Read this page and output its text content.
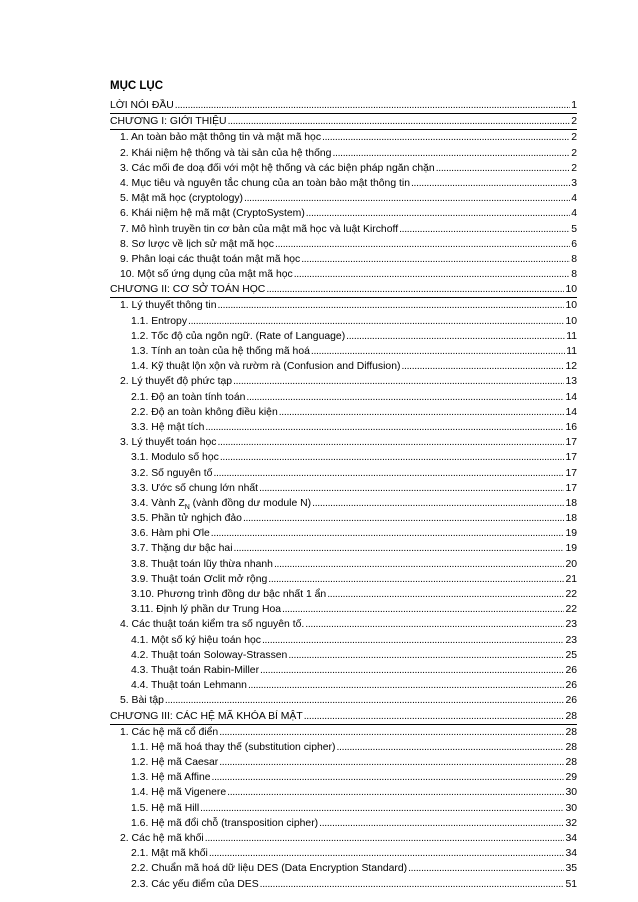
MỤC LỤC
LỜI NÓI ĐẦU . . .	1
CHƯƠNG I: GIỚI THIỆU . . .	2
1. An toàn bảo mật thông tin và mật mã học . . .	2
2. Khái niệm hệ thống và tài sản của hệ thống . . .	2
3. Các mối đe doạ đối với một hệ thống và các biện pháp ngăn chặn . . .	2
4. Mục tiêu và nguyên tắc chung của an toàn bảo mật thông tin . . .	3
5. Mật mã học (cryptology) . . .	4
6. Khái niệm hệ mã mật (CryptoSystem) . . .	4
7. Mô hình truyền tin cơ bản của mật mã học và luật Kirchoff . . .	5
8. Sơ lược về lịch sử mật mã học . . .	6
9. Phân loại các thuật toán mật mã học . . .	8
10. Một số ứng dụng của mật mã học . . .	8
CHƯƠNG II: CƠ SỞ TOÁN HỌC . . .	10
1. Lý thuyết thông tin . . .	10
1.1. Entropy . . .	10
1.2. Tốc độ của ngôn ngữ. (Rate of Language) . . .	11
1.3. Tính an toàn của hệ thống mã hoá . . .	11
1.4. Kỹ thuật lộn xộn và rườm rà (Confusion and Diffusion) . . .	12
2. Lý thuyết độ phức tạp . . .	13
2.1. Độ an toàn tính toán . . .	14
2.2. Độ an toàn không điều kiện . . .	14
3.3. Hệ mật tích . . .	16
3. Lý thuyết toán học . . .	17
3.1. Modulo số học . . .	17
3.2. Số nguyên tố . . .	17
3.3. Ước số chung lớn nhất . . .	17
3.4. Vành $Z_N$ (vành đồng dư module N) . . .	18
3.5. Phần tử nghịch đảo . . .	18
3.6. Hàm phi Ơle . . .	19
3.7. Thặng dư bậc hai . . .	19
3.8. Thuật toán lũy thừa nhanh . . .	20
3.9. Thuật toán Ơclit mở rộng . . .	21
3.10. Phương trình đồng dư bậc nhất 1 ẩn . . .	22
3.11. Định lý phần dư Trung Hoa . . .	22
4. Các thuật toán kiểm tra số nguyên tố. . . .	23
4.1. Một số ký hiệu toán học . . .	23
4.2. Thuật toán Soloway-Strassen . . .	25
4.3. Thuật toán Rabin-Miller . . .	26
4.4. Thuật toán Lehmann . . .	26
5. Bài tập . . .	26
CHƯƠNG III: CÁC HỆ MÃ KHÓA BÍ MẬT . . .	28
1. Các hệ mã cổ điển . . .	28
1.1. Hệ mã hoá thay thế (substitution cipher) . . .	28
1.2. Hệ mã Caesar . . .	28
1.3. Hệ mã Affine . . .	29
1.4. Hệ mã Vigenere . . .	30
1.5. Hệ mã Hill . . .	30
1.6. Hệ mã đổi chỗ (transposition cipher) . . .	32
2. Các hệ mã khối . . .	34
2.1. Mật mã khối . . .	34
2.2. Chuẩn mã hoá dữ liệu DES (Data Encryption Standard) . . .	35
2.3. Các yếu điểm của DES . . .	51
